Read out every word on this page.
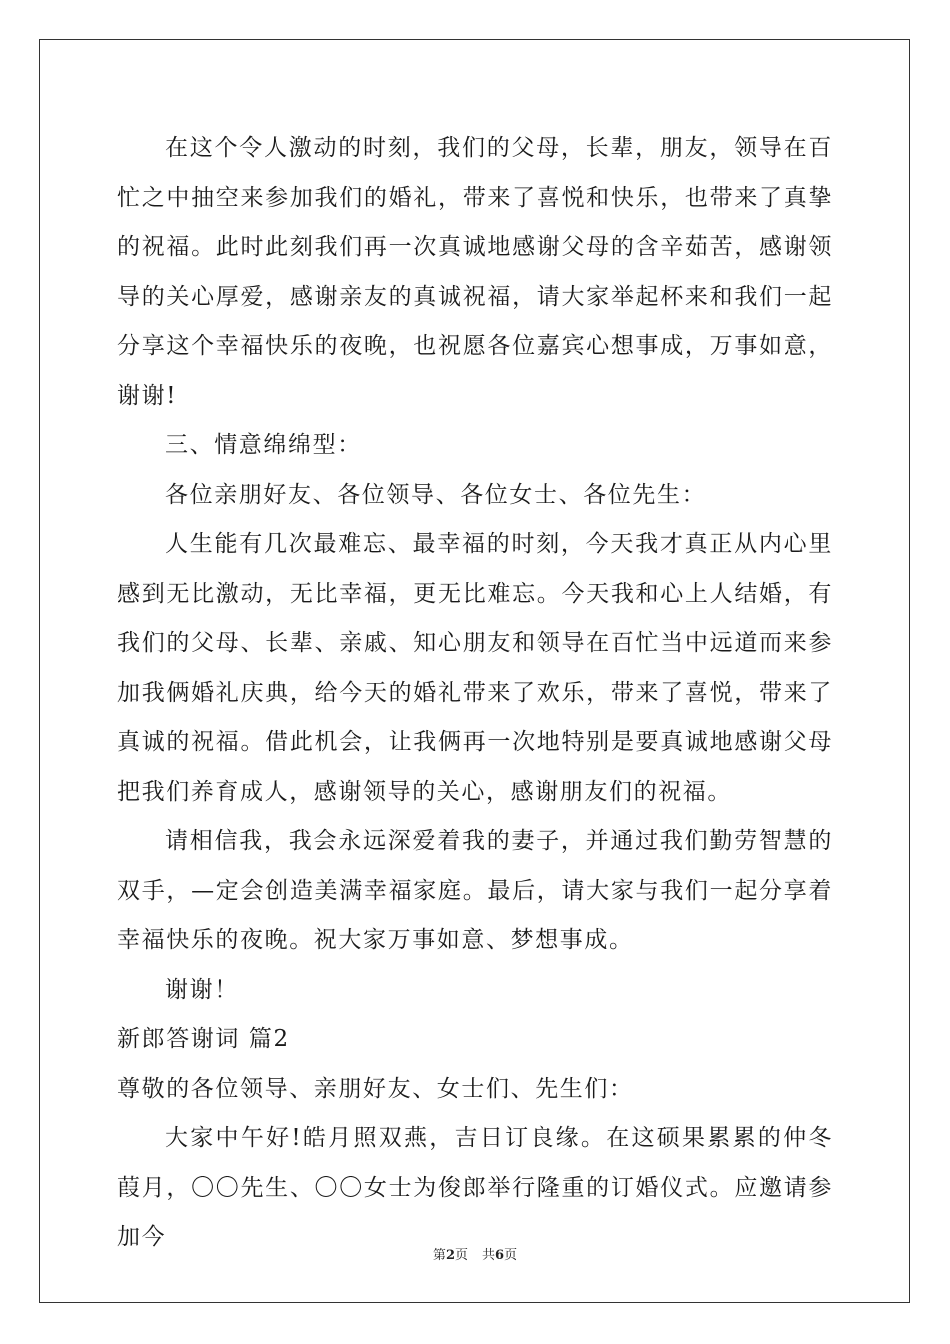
在这个令人激动的时刻，我们的父母，长辈，朋友，领导在百忙之中抽空来参加我们的婚礼，带来了喜悦和快乐，也带来了真挚的祝福。此时此刻我们再一次真诚地感谢父母的含辛茹苦，感谢领导的关心厚爱，感谢亲友的真诚祝福，请大家举起杯来和我们一起分享这个幸福快乐的夜晚，也祝愿各位嘉宾心想事成，万事如意，谢谢!

三、情意绵绵型：

各位亲朋好友、各位领导、各位女士、各位先生：

人生能有几次最难忘、最幸福的时刻，今天我才真正从内心里感到无比激动，无比幸福，更无比难忘。今天我和心上人结婚，有我们的父母、长辈、亲戚、知心朋友和领导在百忙当中远道而来参加我俩婚礼庆典，给今天的婚礼带来了欢乐，带来了喜悦，带来了真诚的祝福。借此机会，让我俩再一次地特别是要真诚地感谢父母把我们养育成人，感谢领导的关心，感谢朋友们的祝福。

请相信我，我会永远深爱着我的妻子，并通过我们勤劳智慧的双手，—定会创造美满幸福家庭。最后，请大家与我们一起分享着幸福快乐的夜晚。祝大家万事如意、梦想事成。

谢谢！

新郎答谢词 篇2

尊敬的各位领导、亲朋好友、女士们、先生们：

大家中午好!皓月照双燕，吉日订良缘。在这硕果累累的仲冬葭月，〇〇先生、〇〇女士为俊郎举行隆重的订婚仪式。应邀请参加今

第2页 共6页
